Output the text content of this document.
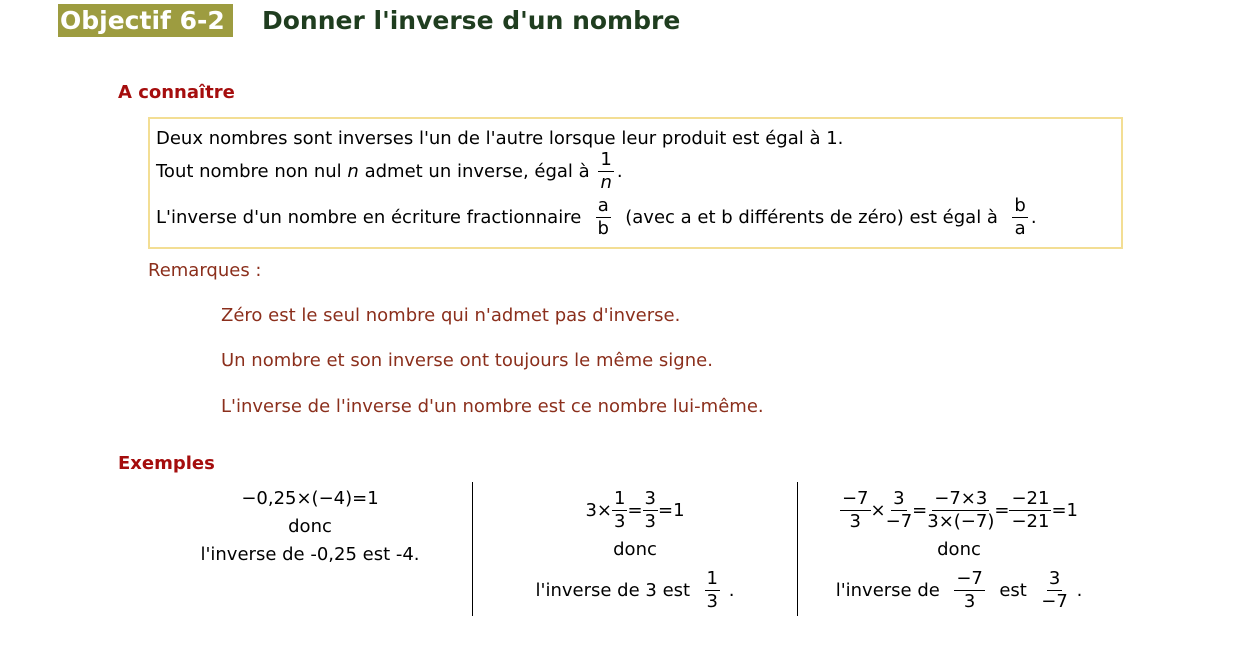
Objectif 6-2	Donner l'inverse d'un nombre
A connaître
Deux nombres sont inverses l'un de l'autre lorsque leur produit est égal à 1.
Tout nombre non nul
n
admet un inverse, égal à
$\frac{1}{n}$ .
L'inverse d'un nombre en écriture fractionnaire
$\frac{a}{b}$
(avec a et b différents de zéro) est égal à
$\frac{b}{a}$ .
Remarques :
Zéro est le seul nombre qui n'admet pas d'inverse.
Un nombre et son inverse ont toujours le même signe.
L'inverse de l'inverse d'un nombre est ce nombre lui-même.
Exemples
−0,25×(−4)=1
donc
l'inverse de -0,25 est -4.
$3\times \frac{1}{3} = \frac{3}{3} =1$
donc
l'inverse de 3 est
$\frac{1}{3}$
.
$\frac{-7}{3} \times \frac{3}{-7} = \frac{-7\times 3}{3\times(-7)} = \frac{-21}{-21} =1$
donc
l'inverse de
$\frac{-7}{3}$
est
$\frac{3}{-7}$
.
